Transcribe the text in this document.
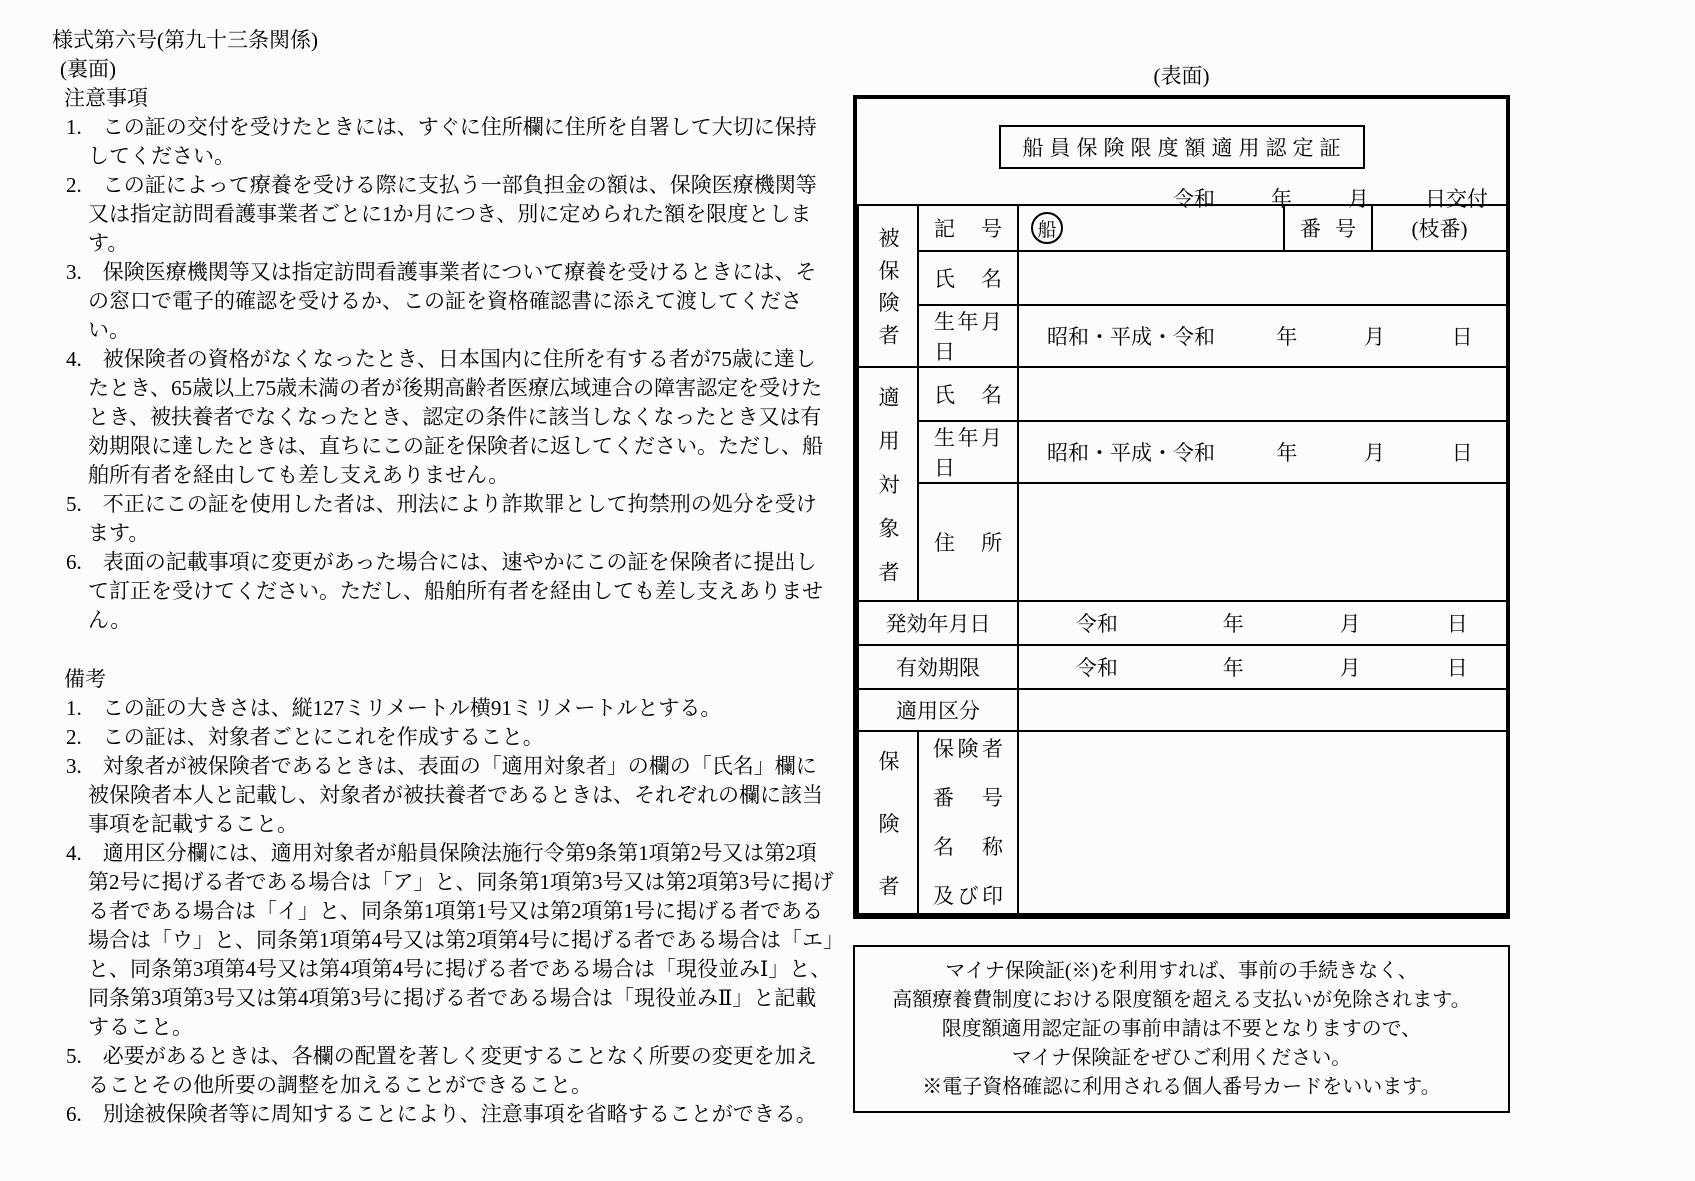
様式第六号(第九十三条関係)
(裏面)
注意事項
1.　この証の交付を受けたときには、すぐに住所欄に住所を自署して大切に保持してください。
2.　この証によって療養を受ける際に支払う一部負担金の額は、保険医療機関等又は指定訪問看護事業者ごとに1か月につき、別に定められた額を限度とします。
3.　保険医療機関等又は指定訪問看護事業者について療養を受けるときには、その窓口で電子的確認を受けるか、この証を資格確認書に添えて渡してください。
4.　被保険者の資格がなくなったとき、日本国内に住所を有する者が75歳に達したとき、65歳以上75歳未満の者が後期高齢者医療広域連合の障害認定を受けたとき、被扶養者でなくなったとき、認定の条件に該当しなくなったとき又は有効期限に達したときは、直ちにこの証を保険者に返してください。ただし、船舶所有者を経由しても差し支えありません。
5.　不正にこの証を使用した者は、刑法により詐欺罪として拘禁刑の処分を受けます。
6.　表面の記載事項に変更があった場合には、速やかにこの証を保険者に提出して訂正を受けてください。ただし、船舶所有者を経由しても差し支えありません。
備考
1.　この証の大きさは、縦127ミリメートル横91ミリメートルとする。
2.　この証は、対象者ごとにこれを作成すること。
3.　対象者が被保険者であるときは、表面の「適用対象者」の欄の「氏名」欄に被保険者本人と記載し、対象者が被扶養者であるときは、それぞれの欄に該当事項を記載すること。
4.　適用区分欄には、適用対象者が船員保険法施行令第9条第1項第2号又は第2項第2号に掲げる者である場合は「ア」と、同条第1項第3号又は第2項第3号に掲げる者である場合は「イ」と、同条第1項第1号又は第2項第1号に掲げる者である場合は「ウ」と、同条第1項第4号又は第2項第4号に掲げる者である場合は「エ」と、同条第3項第4号又は第4項第4号に掲げる者である場合は「現役並みⅠ」と、同条第3項第3号又は第4項第3号に掲げる者である場合は「現役並みⅡ」と記載すること。
5.　必要があるときは、各欄の配置を著しく変更することなく所要の変更を加えることその他所要の調整を加えることができること。
6.　別途被保険者等に周知することにより、注意事項を省略することができる。
(表面)
船員保険限度額適用認定証
令和	年	月	日交付
被保険者	記号	船	番号	(枝番)

	氏名			

	生年月日	昭和・平成・令和 年 月 日		

適用対象者	氏名			

	生年月日	昭和・平成・令和 年 月 日		

	住所			

発効年月日		令和 年 月 日		

有効期限		令和 年 月 日		

適用区分				

保険者	保険者
番号
名称
及び印			

マイナ保険証(※)を利用すれば、事前の手続きなく、
高額療養費制度における限度額を超える支払いが免除されます。
限度額適用認定証の事前申請は不要となりますので、
マイナ保険証をぜひご利用ください。
※電子資格確認に利用される個人番号カードをいいます。
